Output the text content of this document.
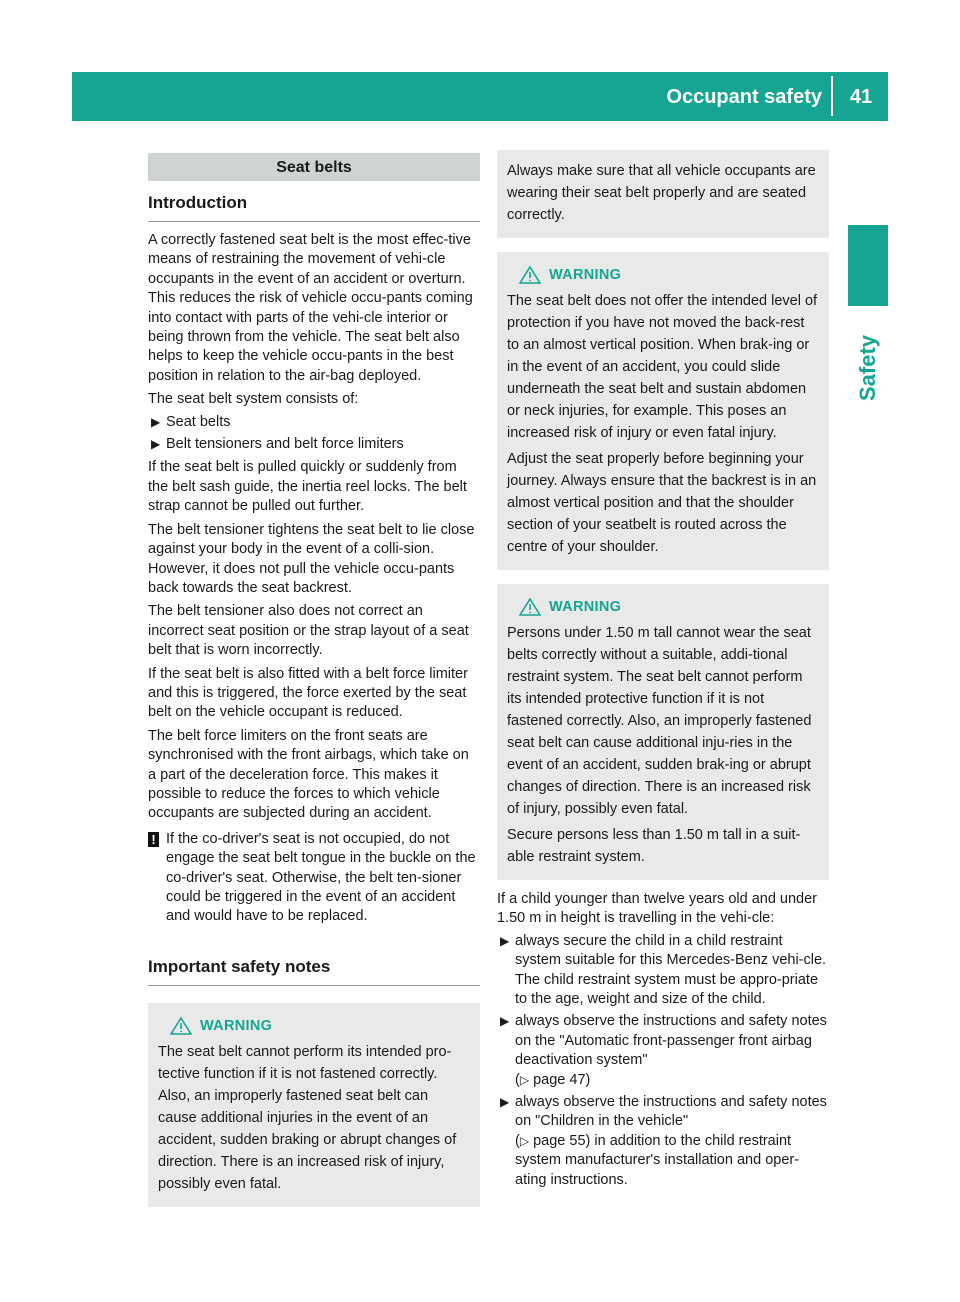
Occupant safety	41
Safety
Seat belts
Introduction

A correctly fastened seat belt is the most effec-tive means of restraining the movement of vehi-cle occupants in the event of an accident or overturn. This reduces the risk of vehicle occu-pants coming into contact with parts of the vehi-cle interior or being thrown from the vehicle. The seat belt also helps to keep the vehicle occu-pants in the best position in relation to the air-bag deployed.

The seat belt system consists of:

▶ Seat belts
▶ Belt tensioners and belt force limiters

If the seat belt is pulled quickly or suddenly from the belt sash guide, the inertia reel locks. The belt strap cannot be pulled out further.

The belt tensioner tightens the seat belt to lie close against your body in the event of a colli-sion. However, it does not pull the vehicle occu-pants back towards the seat backrest.

The belt tensioner also does not correct an incorrect seat position or the strap layout of a seat belt that is worn incorrectly.

If the seat belt is also fitted with a belt force limiter and this is triggered, the force exerted by the seat belt on the vehicle occupant is reduced.

The belt force limiters on the front seats are synchronised with the front airbags, which take on a part of the deceleration force. This makes it possible to reduce the forces to which vehicle occupants are subjected during an accident.

! If the co-driver's seat is not occupied, do not engage the seat belt tongue in the buckle on the co-driver's seat. Otherwise, the belt ten-sioner could be triggered in the event of an accident and would have to be replaced.
Important safety notes
WARNING

The seat belt cannot perform its intended pro-tective function if it is not fastened correctly. Also, an improperly fastened seat belt can cause additional injuries in the event of an accident, sudden braking or abrupt changes of direction. There is an increased risk of injury, possibly even fatal.

Always make sure that all vehicle occupants are wearing their seat belt properly and are seated correctly.

WARNING

The seat belt does not offer the intended level of protection if you have not moved the back-rest to an almost vertical position. When brak-ing or in the event of an accident, you could slide underneath the seat belt and sustain abdomen or neck injuries, for example. This poses an increased risk of injury or even fatal injury.

Adjust the seat properly before beginning your journey. Always ensure that the backrest is in an almost vertical position and that the shoulder section of your seatbelt is routed across the centre of your shoulder.

WARNING

Persons under 1.50 m tall cannot wear the seat belts correctly without a suitable, addi-tional restraint system. The seat belt cannot perform its intended protective function if it is not fastened correctly. Also, an improperly fastened seat belt can cause additional inju-ries in the event of an accident, sudden brak-ing or abrupt changes of direction. There is an increased risk of injury, possibly even fatal.

Secure persons less than 1.50 m tall in a suit-able restraint system.

If a child younger than twelve years old and under 1.50 m in height is travelling in the vehi-cle:

▶ always secure the child in a child restraint system suitable for this Mercedes-Benz vehi-cle. The child restraint system must be appro-priate to the age, weight and size of the child.
▶ always observe the instructions and safety notes on the "Automatic front-passenger front airbag deactivation system"
(▷ page 47)
▶ always observe the instructions and safety notes on "Children in the vehicle"
(▷ page 55) in addition to the child restraint system manufacturer's installation and oper-ating instructions.
